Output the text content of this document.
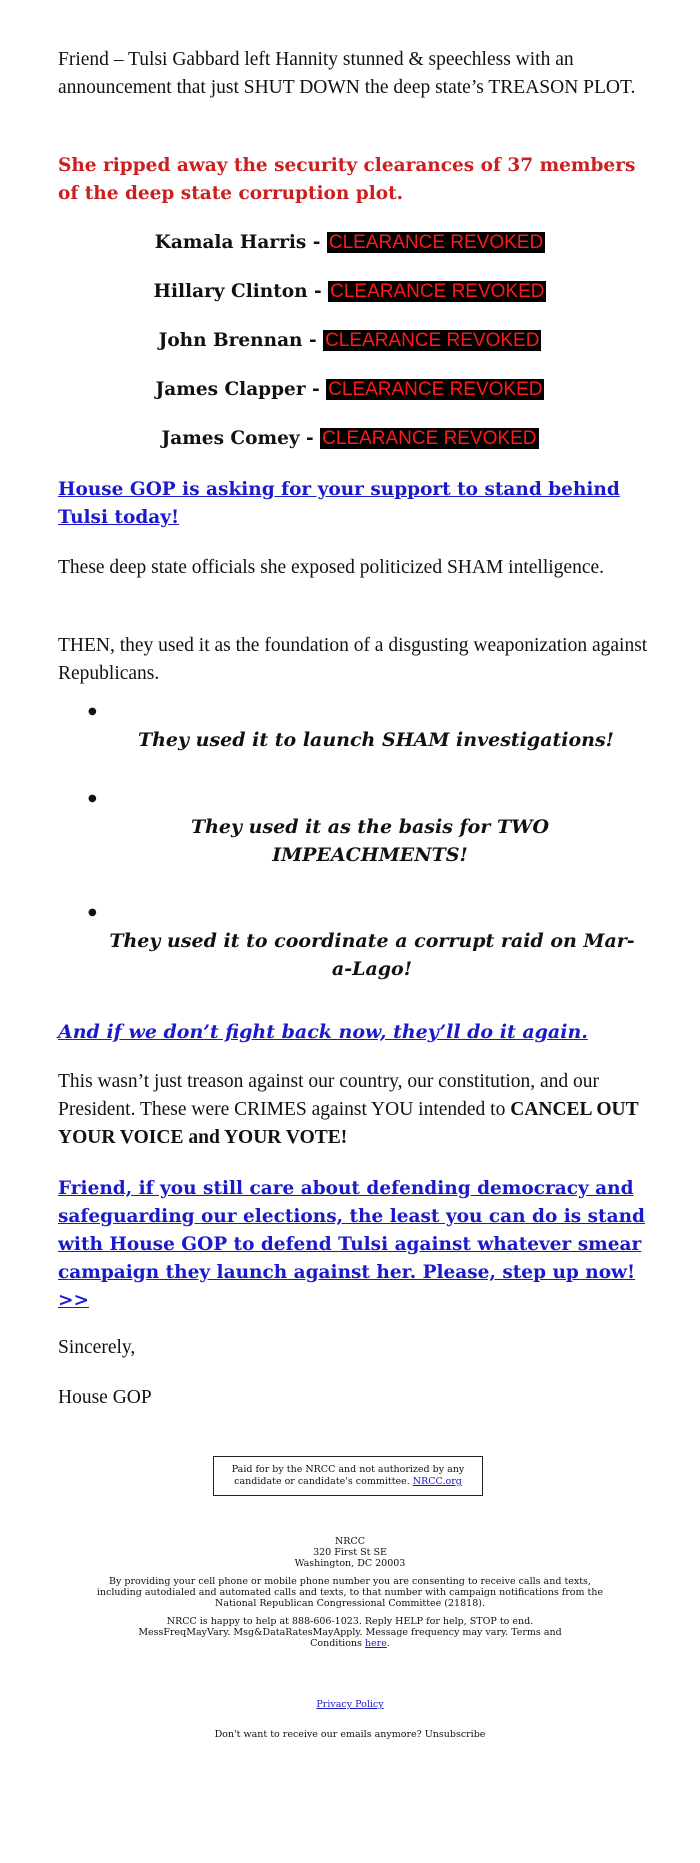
Friend – Tulsi Gabbard left Hannity stunned & speechless with an announcement that just SHUT DOWN the deep state’s TREASON PLOT.

She ripped away the security clearances of 37 members of the deep state corruption plot.

Kamala Harris - CLEARANCE REVOKED
Hillary Clinton - CLEARANCE REVOKED
John Brennan - CLEARANCE REVOKED
James Clapper - CLEARANCE REVOKED
James Comey - CLEARANCE REVOKED
House GOP is asking for your support to stand behind Tulsi today!

These deep state officials she exposed politicized SHAM intelligence.

THEN, they used it as the foundation of a disgusting weaponization against Republicans.

●
They used it to launch SHAM investigations!
●
They used it as the basis for TWO IMPEACHMENTS!
●
They used it to coordinate a corrupt raid on Mar-a-Lago!
And if we don’t fight back now, they’ll do it again.

This wasn’t just treason against our country, our constitution, and our President. These were CRIMES against YOU intended to CANCEL OUT YOUR VOICE and YOUR VOTE!

Friend, if you still care about defending democracy and safeguarding our elections, the least you can do is stand with House GOP to defend Tulsi against whatever smear campaign they launch against her. Please, step up now! >>

Sincerely,

House GOP

Paid for by the NRCC and not authorized by any candidate or candidate's committee. NRCC.org
NRCC
320 First St SE
Washington, DC 20003
By providing your cell phone or mobile phone number you are consenting to receive calls and texts, including autodialed and automated calls and texts, to that number with campaign notifications from the National Republican Congressional Committee (21818).
NRCC is happy to help at 888-606-1023. Reply HELP for help, STOP to end. MessFreqMayVary. Msg&DataRatesMayApply. Message frequency may vary. Terms and Conditions here.
Privacy Policy
Don't want to receive our emails anymore? Unsubscribe
